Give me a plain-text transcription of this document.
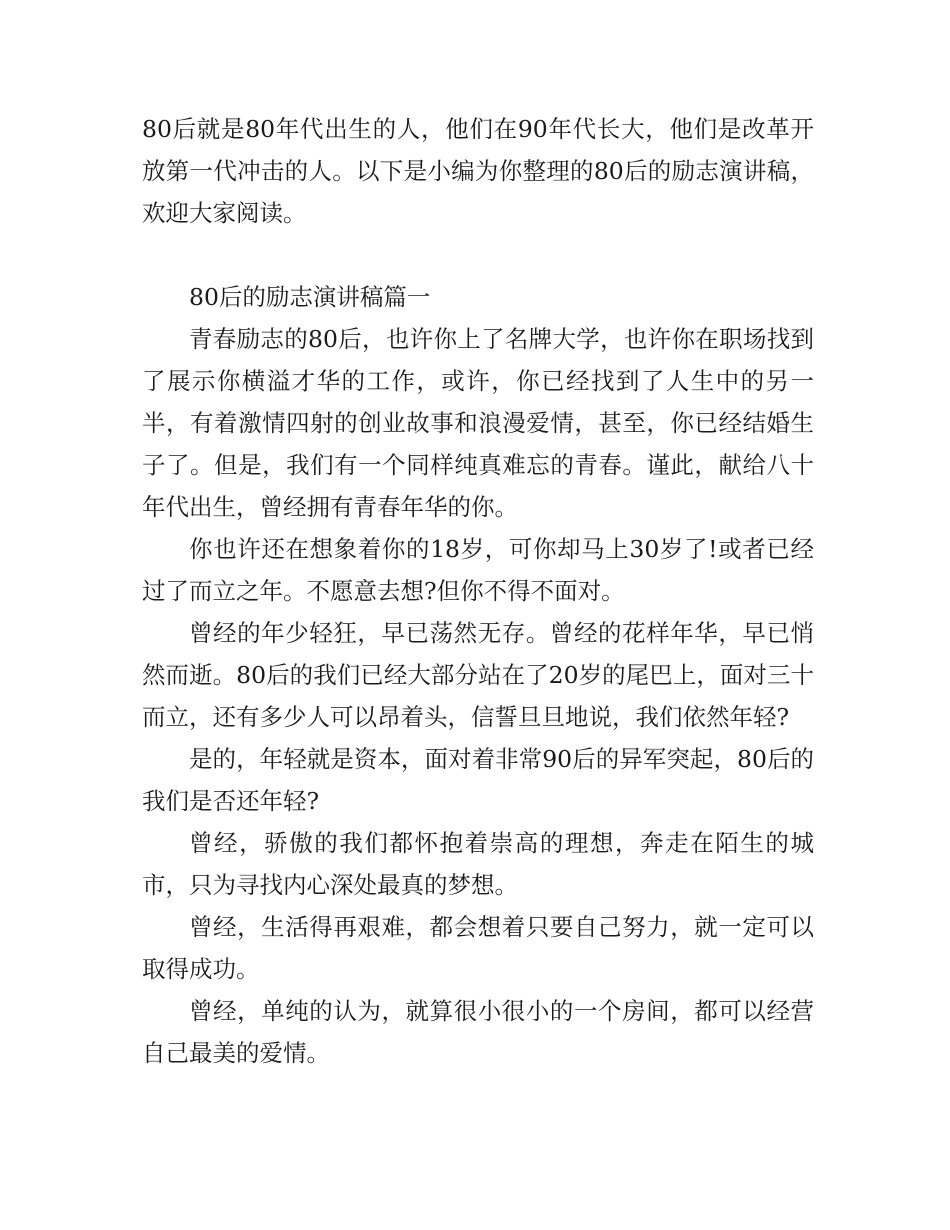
80后就是80年代出生的人，他们在90年代长大，他们是改革开放第一代冲击的人。以下是小编为你整理的80后的励志演讲稿，欢迎大家阅读。

80后的励志演讲稿篇一

青春励志的80后，也许你上了名牌大学，也许你在职场找到了展示你横溢才华的工作，或许，你已经找到了人生中的另一半，有着激情四射的创业故事和浪漫爱情，甚至，你已经结婚生子了。但是，我们有一个同样纯真难忘的青春。谨此，献给八十年代出生，曾经拥有青春年华的你。

你也许还在想象着你的18岁，可你却马上30岁了!或者已经过了而立之年。不愿意去想?但你不得不面对。

曾经的年少轻狂，早已荡然无存。曾经的花样年华，早已悄然而逝。80后的我们已经大部分站在了20岁的尾巴上，面对三十而立，还有多少人可以昂着头，信誓旦旦地说，我们依然年轻?

是的，年轻就是资本，面对着非常90后的异军突起，80后的我们是否还年轻?

曾经，骄傲的我们都怀抱着崇高的理想，奔走在陌生的城市，只为寻找内心深处最真的梦想。

曾经，生活得再艰难，都会想着只要自己努力，就一定可以取得成功。

曾经，单纯的认为，就算很小很小的一个房间，都可以经营自己最美的爱情。
